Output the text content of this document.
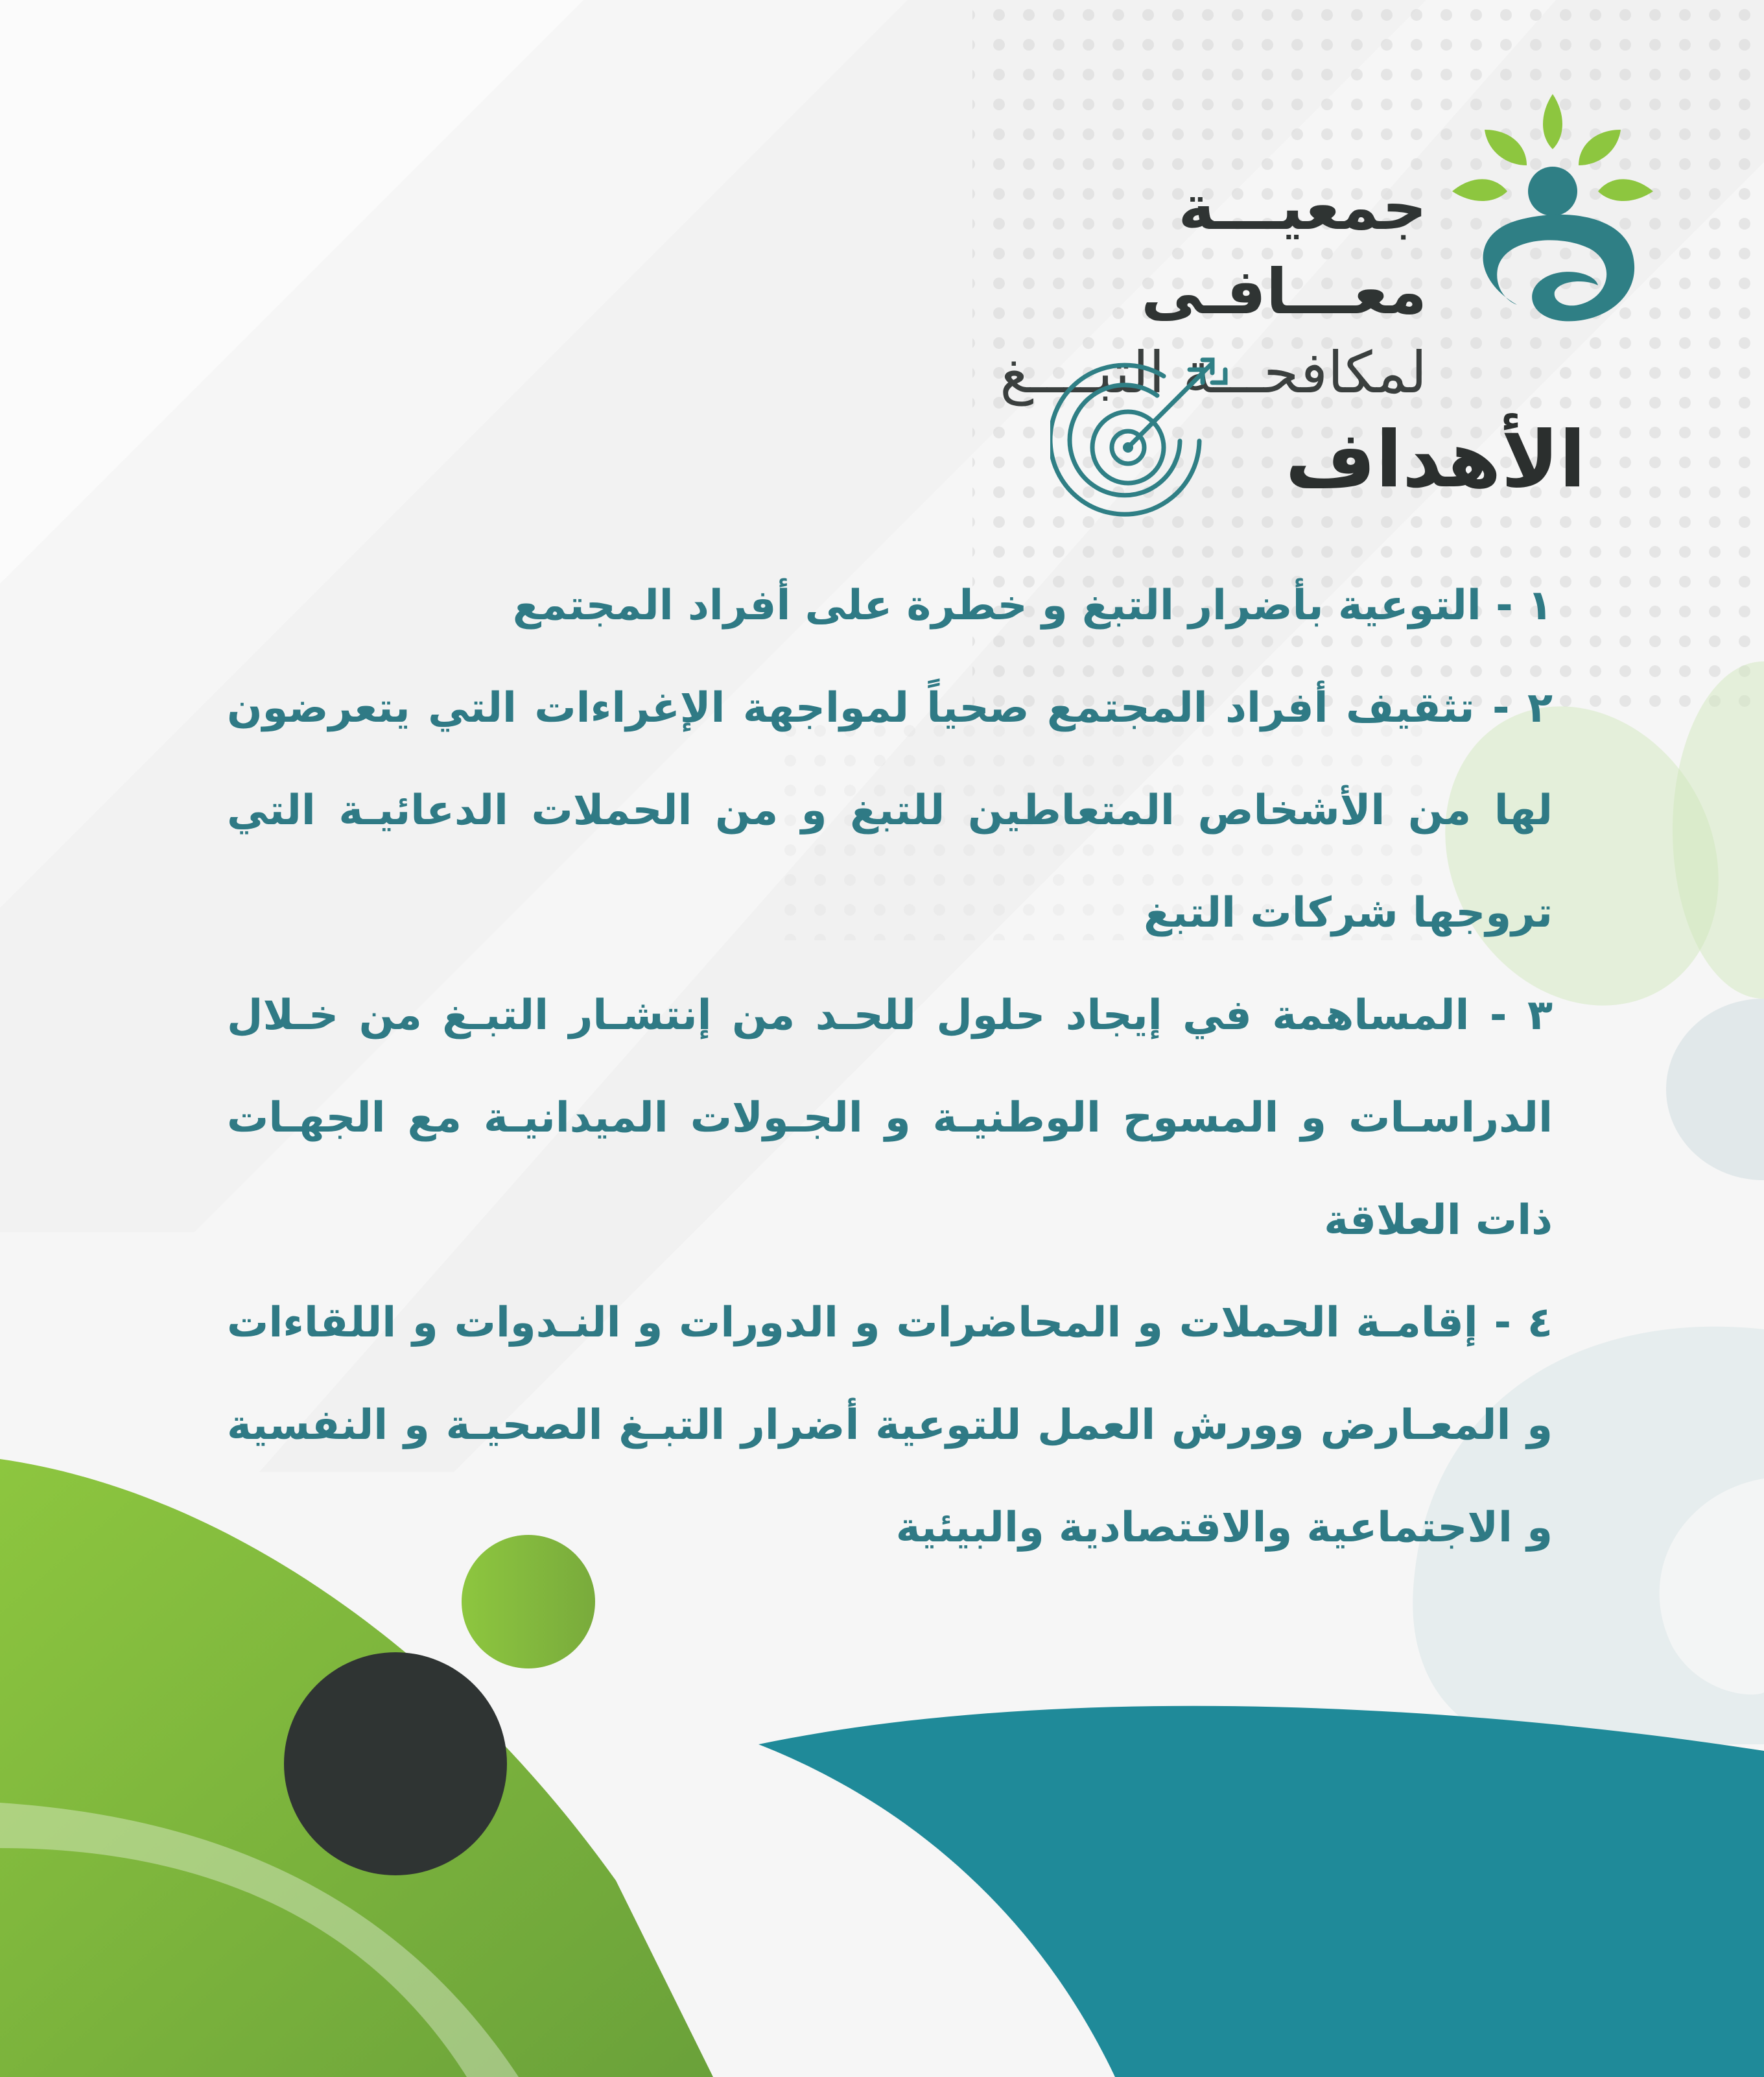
جمعيـــة معـــافـى
لمكافحـــة التبــــغ
الأهداف

١ - التوعية بأضرار التبغ و خطرة على أفراد المجتمع

٢ - تثقيف أفراد المجتمع صحياً لمواجهة الإغراءات التي يتعرضون لها من الأشخاص المتعاطين للتبغ و من الحملات الدعائيـة التي تروجها شركات التبغ

٣ - المساهمة في إيجاد حلول للحـد من إنتشـار التبـغ من خـلال الدراسـات و المسوح الوطنيـة و الجـولات الميدانيـة مع الجهـات ذات العلاقة

٤ - إقامـة الحملات و المحاضرات و الدورات و النـدوات و اللقاءات و المعـارض وورش العمل للتوعية أضرار التبـغ الصحيـة و النفسية و الاجتماعية والاقتصادية والبيئية
